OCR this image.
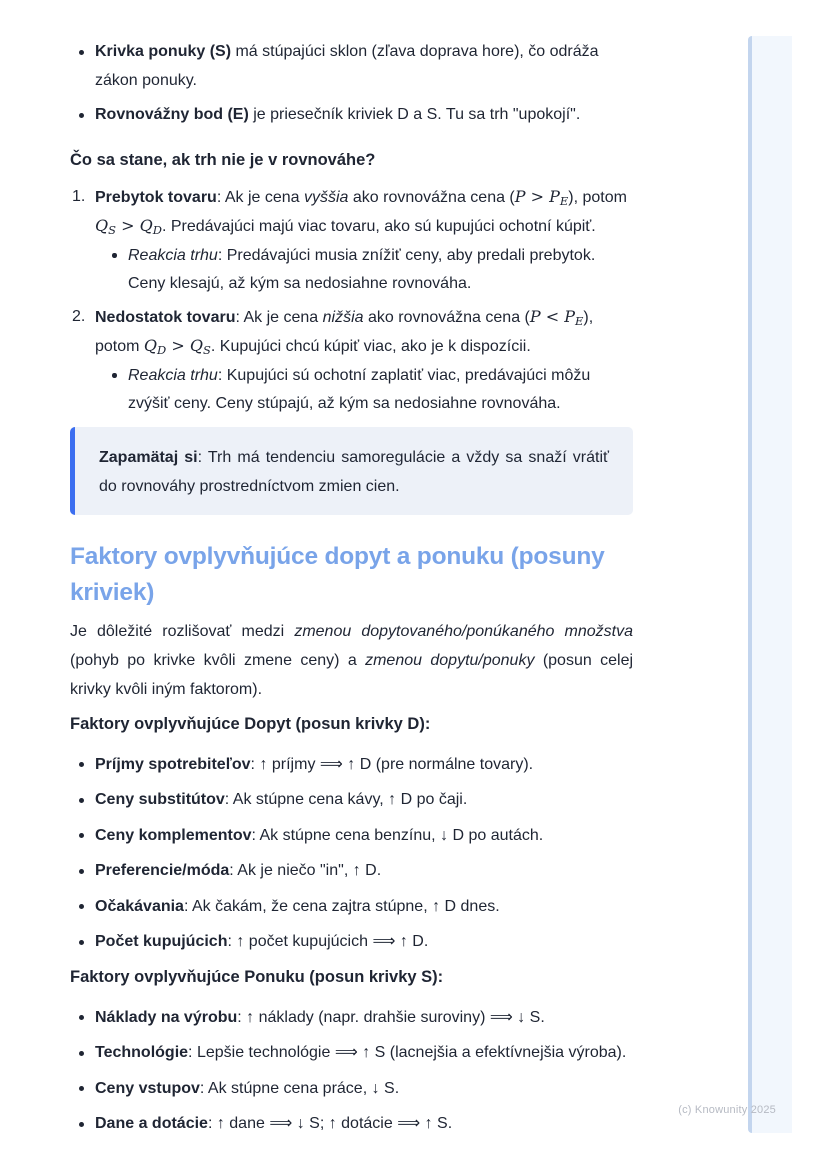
(c) Knowunity 2025
Krivka ponuky (S) má stúpajúci sklon (zľava doprava hore), čo odráža zákon ponuky.
Rovnovážny bod (E) je priesečník kriviek D a S. Tu sa trh "upokojí".
Čo sa stane, ak trh nie je v rovnováhe?
1. Prebytok tovaru: Ak je cena vyššia ako rovnovážna cena (P > PE), potom QS > QD. Predávajúci majú viac tovaru, ako sú kupujúci ochotní kúpiť.
Reakcia trhu: Predávajúci musia znížiť ceny, aby predali prebytok. Ceny klesajú, až kým sa nedosiahne rovnováha.
2. Nedostatok tovaru: Ak je cena nižšia ako rovnovážna cena (P < PE), potom QD > QS. Kupujúci chcú kúpiť viac, ako je k dispozícii.
Reakcia trhu: Kupujúci sú ochotní zaplatiť viac, predávajúci môžu zvýšiť ceny. Ceny stúpajú, až kým sa nedosiahne rovnováha.
Zapamätaj si: Trh má tendenciu samoregulácie a vždy sa snaží vrátiť do rovnováhy prostredníctvom zmien cien.
Faktory ovplyvňujúce dopyt a ponuku (posuny kriviek)

Je dôležité rozlišovať medzi zmenou dopytovaného/ponúkaného množstva (pohyb po krivke kvôli zmene ceny) a zmenou dopytu/ponuky (posun celej krivky kvôli iným faktorom).

Faktory ovplyvňujúce Dopyt (posun krivky D):
Príjmy spotrebiteľov: ↑ príjmy ⟹ ↑ D (pre normálne tovary).
Ceny substitútov: Ak stúpne cena kávy, ↑ D po čaji.
Ceny komplementov: Ak stúpne cena benzínu, ↓ D po autách.
Preferencie/móda: Ak je niečo "in", ↑ D.
Očakávania: Ak čakám, že cena zajtra stúpne, ↑ D dnes.
Počet kupujúcich: ↑ počet kupujúcich ⟹ ↑ D.
Faktory ovplyvňujúce Ponuku (posun krivky S):
Náklady na výrobu: ↑ náklady (napr. drahšie suroviny) ⟹ ↓ S.
Technológie: Lepšie technológie ⟹ ↑ S (lacnejšia a efektívnejšia výroba).
Ceny vstupov: Ak stúpne cena práce, ↓ S.
Dane a dotácie: ↑ dane ⟹ ↓ S; ↑ dotácie ⟹ ↑ S.
